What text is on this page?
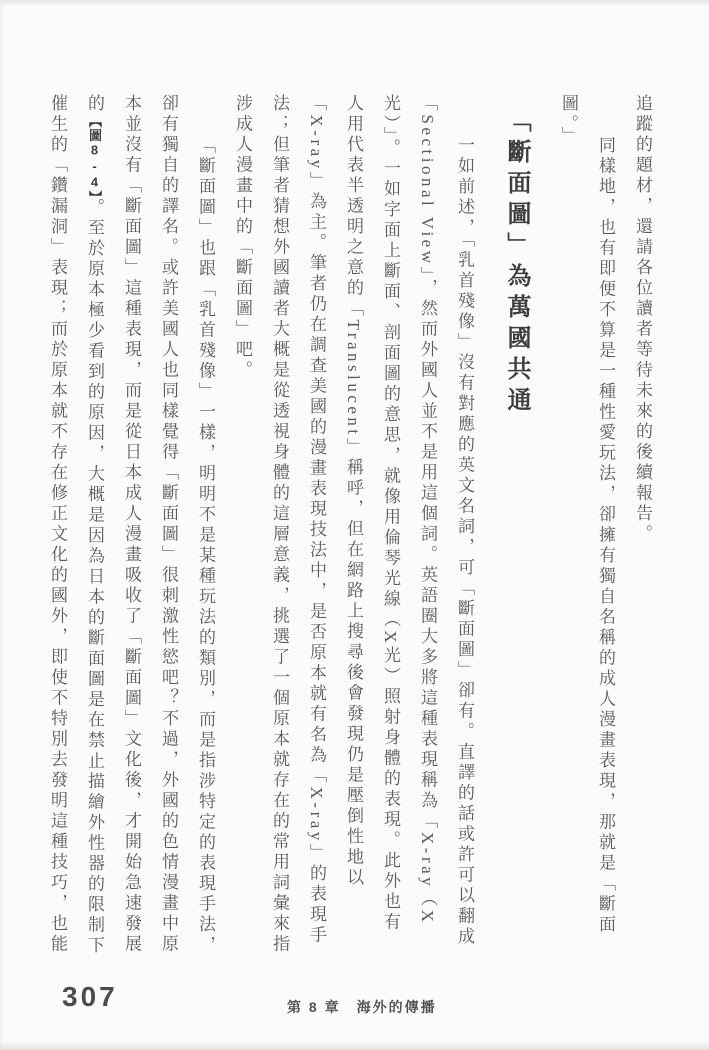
追蹤的題材，還請各位讀者等待未來的後續報告。
同樣地，也有即便不算是一種性愛玩法，卻擁有獨自名稱的成人漫畫表現，那就是「斷面
圖。」
「斷面圖」為萬國共通
一如前述，「乳首殘像」沒有對應的英文名詞，可「斷面圖」卻有。直譯的話或許可以翻成
「Sectional View」，然而外國人並不是用這個詞。英語圈大多將這種表現稱為「X-ray（X
光）」。一如字面上斷面、剖面圖的意思，就像用倫琴光線（X光）照射身體的表現。此外也有
人用代表半透明之意的「Translucent」稱呼，但在網路上搜尋後會發現仍是壓倒性地以
「X-ray」為主。筆者仍在調查美國的漫畫表現技法中，是否原本就有名為「X-ray」的表現手
法；但筆者猜想外國讀者大概是從透視身體的這層意義，挑選了一個原本就存在的常用詞彙來指
涉成人漫畫中的「斷面圖」吧。
「斷面圖」也跟「乳首殘像」一樣，明明不是某種玩法的類別，而是指涉特定的表現手法，
卻有獨自的譯名。或許美國人也同樣覺得「斷面圖」很刺激性慾吧？不過，外國的色情漫畫中原
本並沒有「斷面圖」這種表現，而是從日本成人漫畫吸收了「斷面圖」文化後，才開始急速發展
的【圖8-4】。至於原本極少看到的原因，大概是因為日本的斷面圖是在禁止描繪外性器的限制下
催生的「鑽漏洞」表現；而於原本就不存在修正文化的國外，即使不特別去發明這種技巧，也能
307	第 8 章　海外的傳播
